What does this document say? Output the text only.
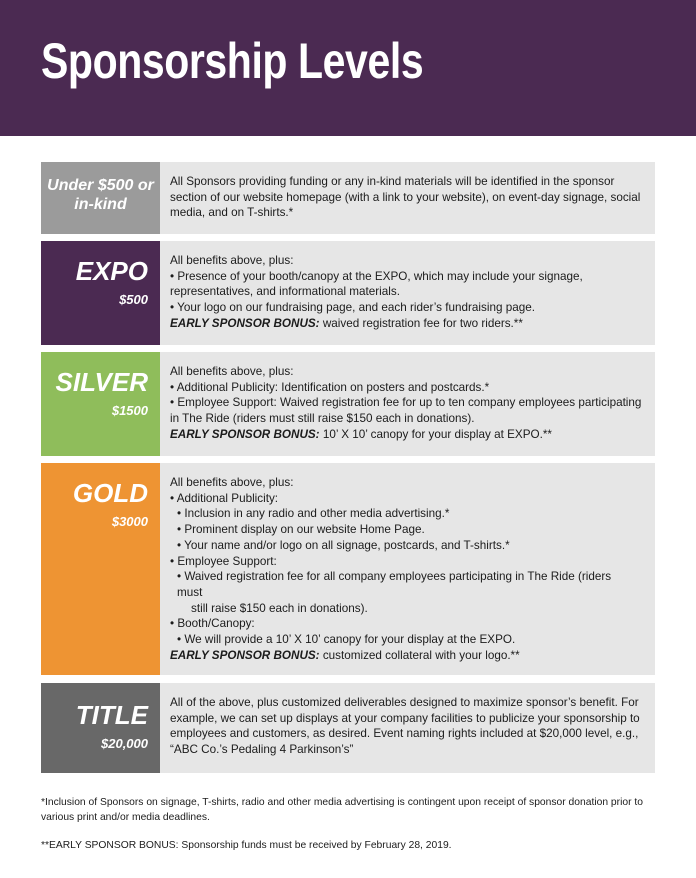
Sponsorship Levels
Under $500 or in-kind

All Sponsors providing funding or any in-kind materials will be identified in the sponsor section of our website homepage (with a link to your website), on event-day signage, social media, and on T-shirts.*

EXPO
$500

All benefits above, plus:

• Presence of your booth/canopy at the EXPO, which may include your signage, representatives, and informational materials.

• Your logo on our fundraising page, and each rider’s fundraising page.

EARLY SPONSOR BONUS: waived registration fee for two riders.**

SILVER
$1500

All benefits above, plus:

• Additional Publicity: Identification on posters and postcards.*

• Employee Support: Waived registration fee for up to ten company employees participating in The Ride (riders must still raise $150 each in donations).

EARLY SPONSOR BONUS: 10’ X 10’ canopy for your display at EXPO.**

GOLD
$3000

All benefits above, plus:

• Additional Publicity:

• Inclusion in any radio and other media advertising.*

• Prominent display on our website Home Page.

• Your name and/or logo on all signage, postcards, and T-shirts.*

• Employee Support:

• Waived registration fee for all company employees participating in The Ride (riders must

still raise $150 each in donations).

• Booth/Canopy:

• We will provide a 10’ X 10’ canopy for your display at the EXPO.

EARLY SPONSOR BONUS: customized collateral with your logo.**

TITLE
$20,000

All of the above, plus customized deliverables designed to maximize sponsor’s benefit. For example, we can set up displays at your company facilities to publicize your sponsorship to employees and customers, as desired. Event naming rights included at $20,000 level, e.g., “ABC Co.’s Pedaling 4 Parkinson’s”

*Inclusion of Sponsors on signage, T-shirts, radio and other media advertising is contingent upon receipt of sponsor donation prior to various print and/or media deadlines.

**EARLY SPONSOR BONUS: Sponsorship funds must be received by February 28, 2019.
